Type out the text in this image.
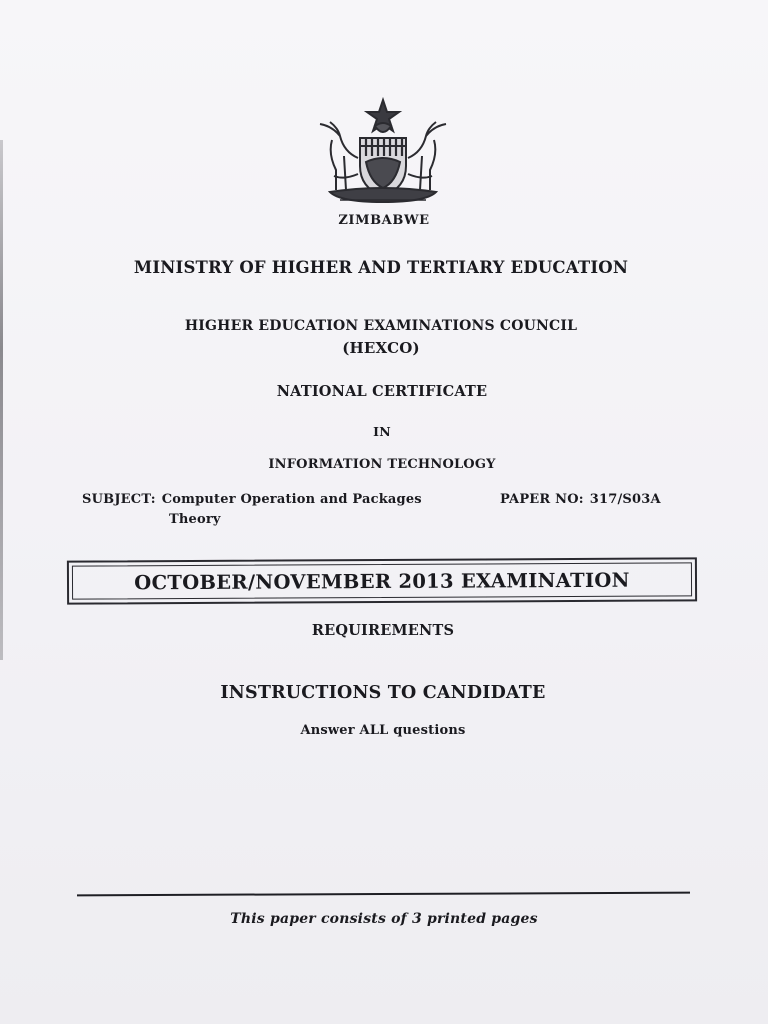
ZIMBABWE
MINISTRY OF HIGHER AND TERTIARY EDUCATION
HIGHER EDUCATION EXAMINATIONS COUNCIL
(HEXCO)
NATIONAL CERTIFICATE
IN
INFORMATION TECHNOLOGY
SUBJECT: Computer Operation and Packages
Theory
PAPER NO: 317/S03A
OCTOBER/NOVEMBER 2013 EXAMINATION
REQUIREMENTS
INSTRUCTIONS TO CANDIDATE
Answer ALL questions
This paper consists of 3 printed pages
